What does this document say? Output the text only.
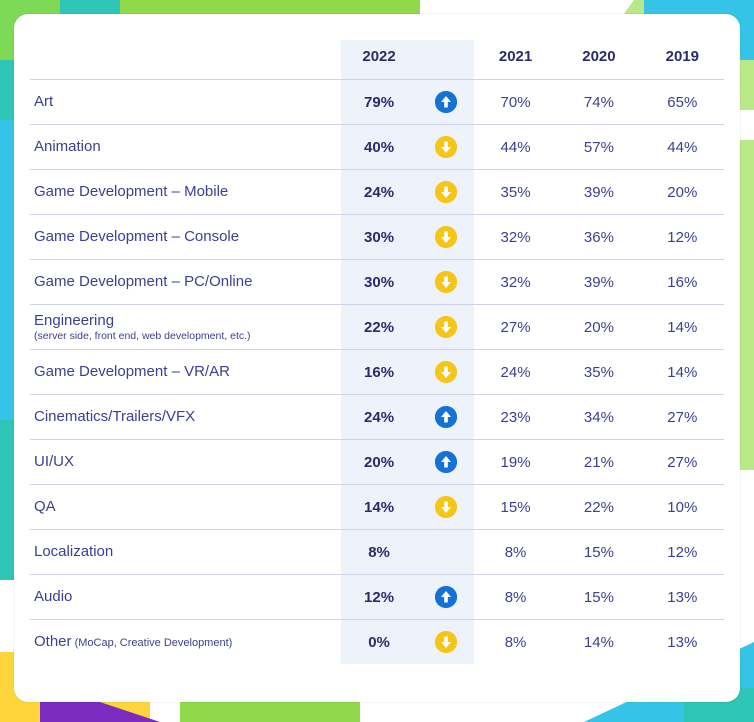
	2022		2021	2020	2019
Art	79%		70%	74%	65%
Animation	40%		44%	57%	44%
Game Development – Mobile	24%		35%	39%	20%
Game Development – Console	30%		32%	36%	12%
Game Development – PC/Online	30%		32%	39%	16%
Engineering
(server side, front end, web development, etc.)	22%		27%	20%	14%
Game Development – VR/AR	16%		24%	35%	14%
Cinematics/Trailers/VFX	24%		23%	34%	27%
UI/UX	20%		19%	21%	27%
QA	14%		15%	22%	10%
Localization	8%		8%	15%	12%
Audio	12%		8%	15%	13%
Other (MoCap, Creative Development)	0%		8%	14%	13%
